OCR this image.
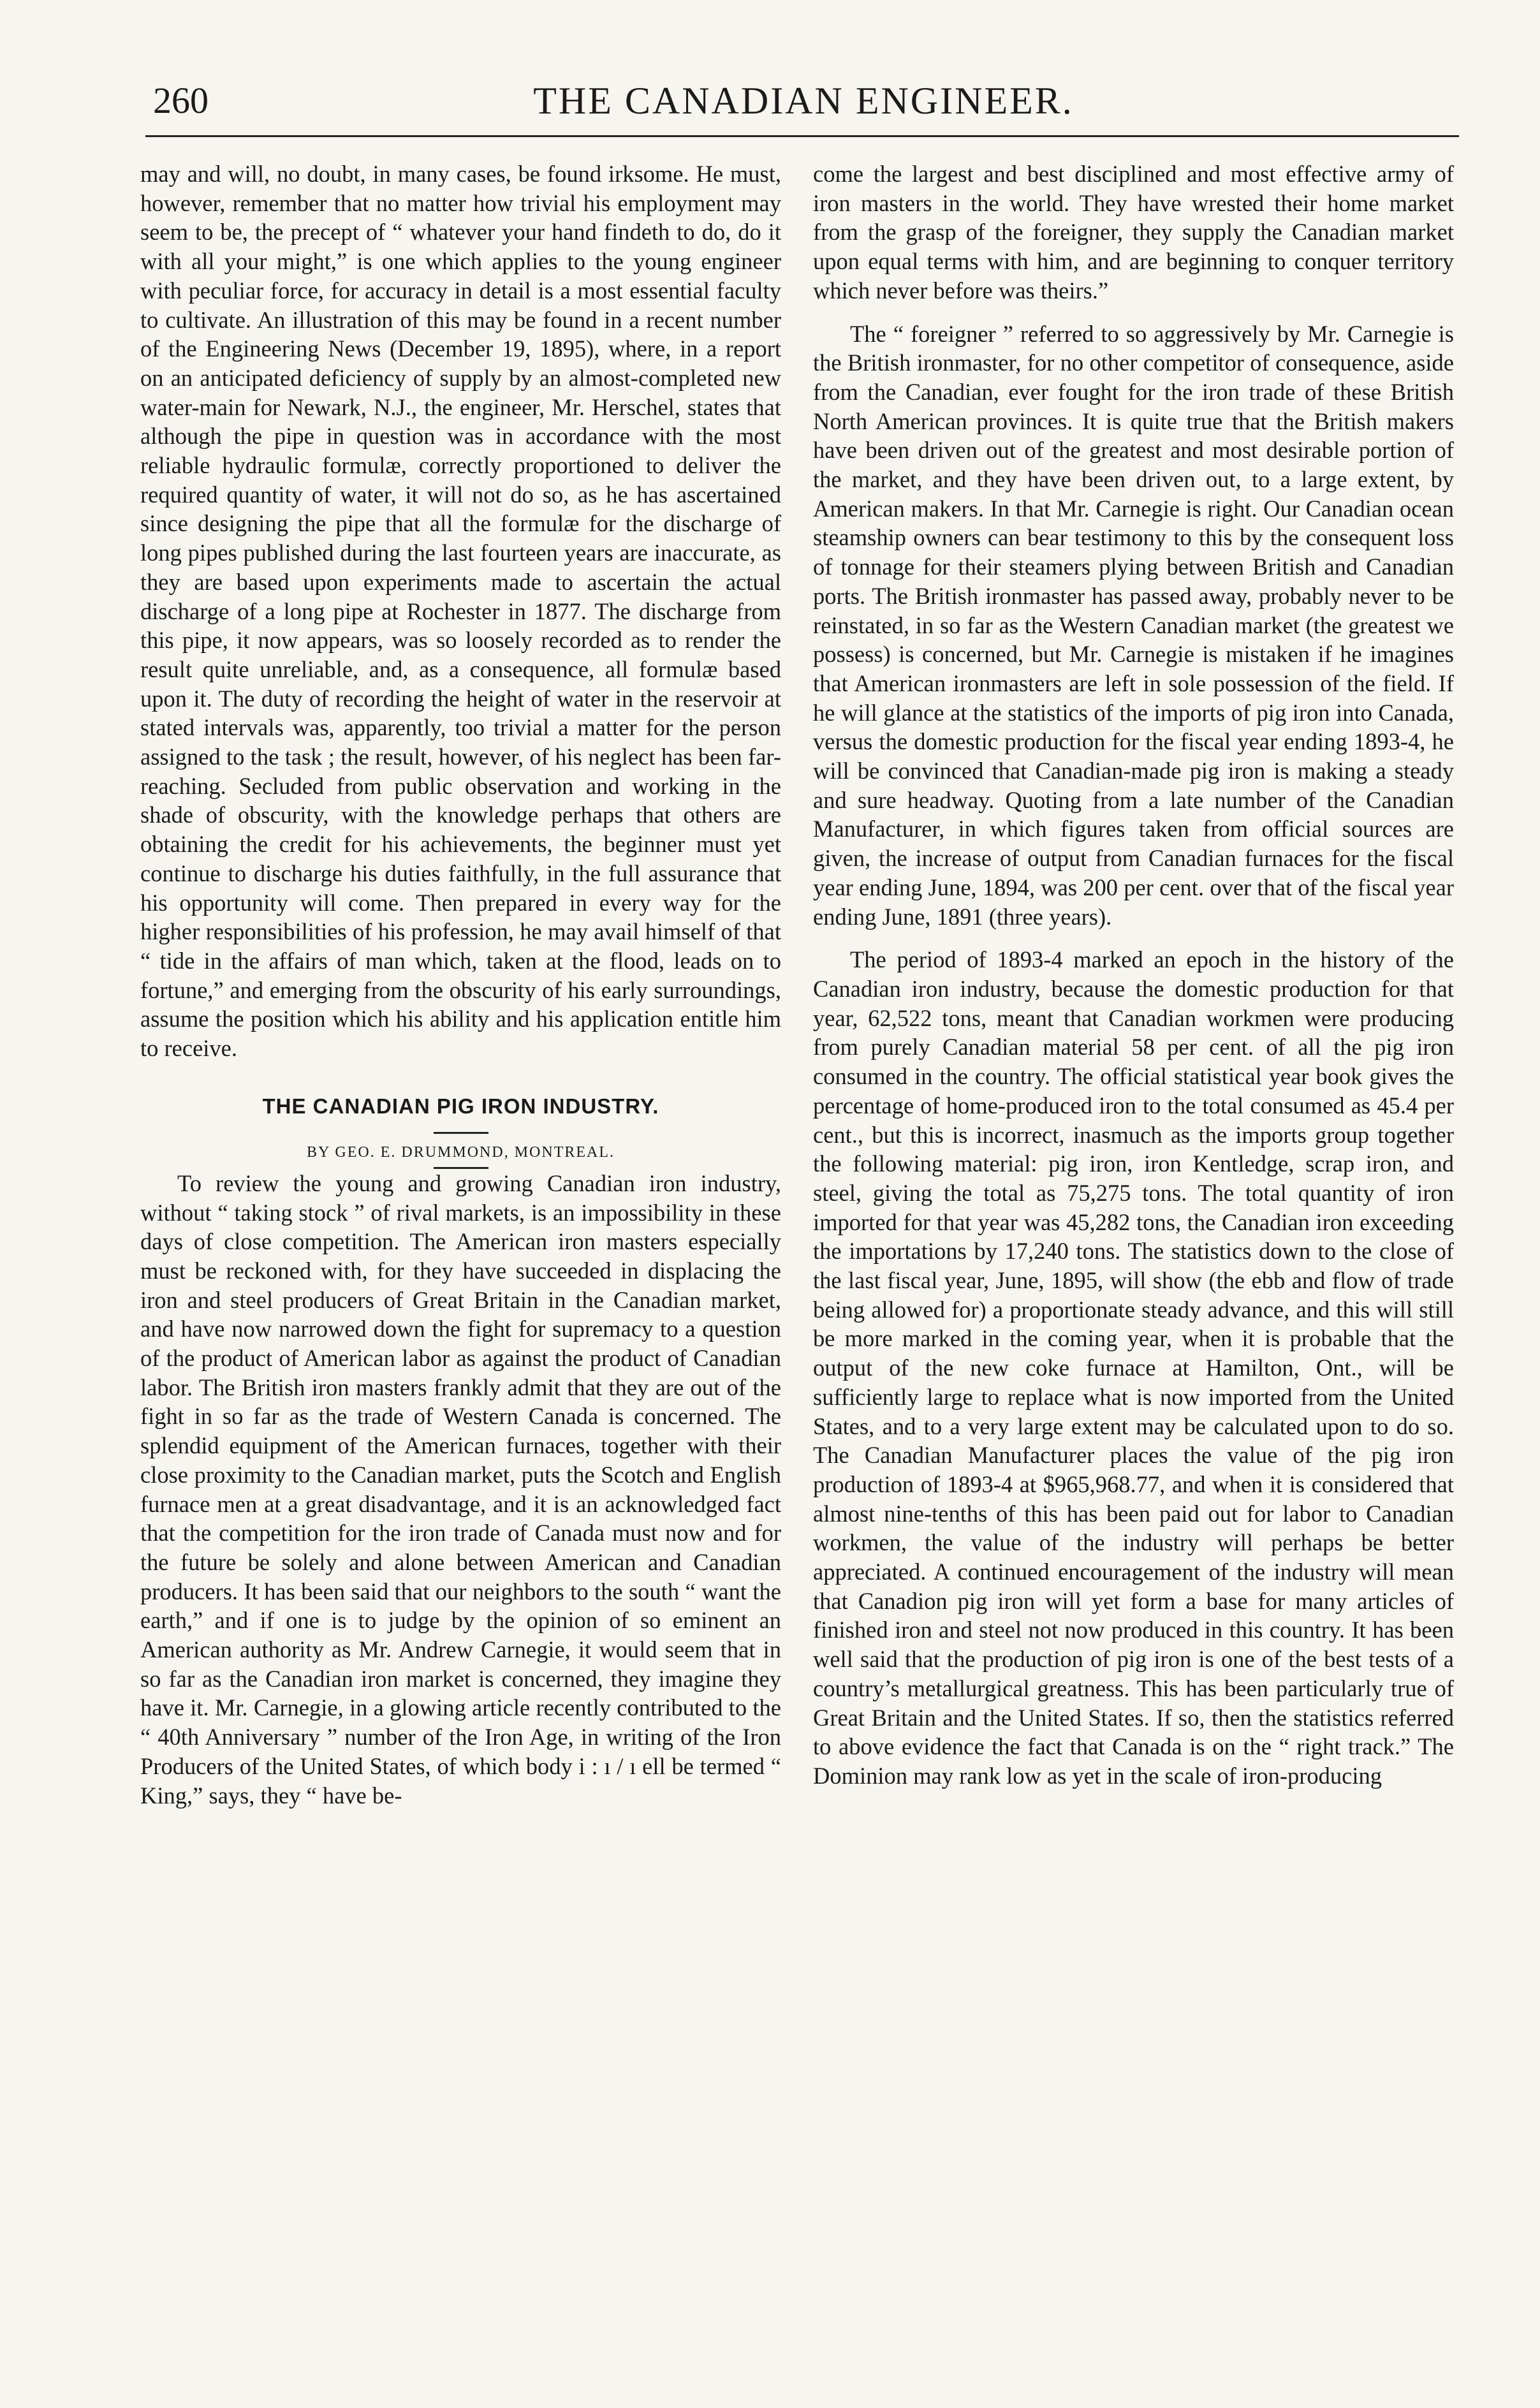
260	THE CANADIAN ENGINEER.

may and will, no doubt, in many cases, be found irksome. He must, however, remember that no matter how trivial his employment may seem to be, the precept of “ whatever your hand findeth to do, do it with all your might,” is one which applies to the young engineer with peculiar force, for accuracy in detail is a most essential faculty to cultivate. An illustration of this may be found in a recent number of the Engineering News (December 19, 1895), where, in a report on an anticipated deficiency of supply by an almost-completed new water-main for Newark, N.J., the engineer, Mr. Herschel, states that although the pipe in question was in accordance with the most reliable hydraulic formulæ, correctly proportioned to deliver the required quantity of water, it will not do so, as he has ascertained since designing the pipe that all the formulæ for the discharge of long pipes published during the last fourteen years are inaccurate, as they are based upon experiments made to ascertain the actual discharge of a long pipe at Rochester in 1877. The discharge from this pipe, it now appears, was so loosely recorded as to render the result quite unreliable, and, as a consequence, all formulæ based upon it. The duty of recording the height of water in the reservoir at stated intervals was, apparently, too trivial a matter for the person assigned to the task ; the result, however, of his neglect has been far-reaching. Secluded from public observation and working in the shade of obscurity, with the knowledge perhaps that others are obtaining the credit for his achievements, the beginner must yet continue to discharge his duties faithfully, in the full assurance that his opportunity will come. Then prepared in every way for the higher responsibilities of his profession, he may avail himself of that “ tide in the affairs of man which, taken at the flood, leads on to fortune,” and emerging from the obscurity of his early surroundings, assume the position which his ability and his application entitle him to receive.

THE CANADIAN PIG IRON INDUSTRY.
BY GEO. E. DRUMMOND, MONTREAL.

To review the young and growing Canadian iron industry, without “ taking stock ” of rival markets, is an impossibility in these days of close competition. The American iron masters especially must be reckoned with, for they have succeeded in displacing the iron and steel producers of Great Britain in the Canadian market, and have now narrowed down the fight for supremacy to a question of the product of American labor as against the product of Canadian labor. The British iron masters frankly admit that they are out of the fight in so far as the trade of Western Canada is concerned. The splendid equipment of the American furnaces, together with their close proximity to the Canadian market, puts the Scotch and English furnace men at a great disadvantage, and it is an acknowledged fact that the competition for the iron trade of Canada must now and for the future be solely and alone between American and Canadian producers. It has been said that our neighbors to the south “ want the earth,” and if one is to judge by the opinion of so eminent an American authority as Mr. Andrew Carnegie, it would seem that in so far as the Canadian iron market is concerned, they imagine they have it. Mr. Carnegie, in a glowing article recently contributed to the “ 40th Anniversary ” number of the Iron Age, in writing of the Iron Producers of the United States, of which body i : ı / ı ell be termed “ King,” says, they “ have be-

come the largest and best disciplined and most effective army of iron masters in the world. They have wrested their home market from the grasp of the foreigner, they supply the Canadian market upon equal terms with him, and are beginning to conquer territory which never before was theirs.”

The “ foreigner ” referred to so aggressively by Mr. Carnegie is the British ironmaster, for no other competitor of consequence, aside from the Canadian, ever fought for the iron trade of these British North American provinces. It is quite true that the British makers have been driven out of the greatest and most desirable portion of the market, and they have been driven out, to a large extent, by American makers. In that Mr. Carnegie is right. Our Canadian ocean steamship owners can bear testimony to this by the consequent loss of tonnage for their steamers plying between British and Canadian ports. The British ironmaster has passed away, probably never to be reinstated, in so far as the Western Canadian market (the greatest we possess) is concerned, but Mr. Carnegie is mistaken if he imagines that American ironmasters are left in sole possession of the field. If he will glance at the statistics of the imports of pig iron into Canada, versus the domestic production for the fiscal year ending 1893-4, he will be convinced that Canadian-made pig iron is making a steady and sure headway. Quoting from a late number of the Canadian Manufacturer, in which figures taken from official sources are given, the increase of output from Canadian furnaces for the fiscal year ending June, 1894, was 200 per cent. over that of the fiscal year ending June, 1891 (three years).

The period of 1893-4 marked an epoch in the history of the Canadian iron industry, because the domestic production for that year, 62,522 tons, meant that Canadian workmen were producing from purely Canadian material 58 per cent. of all the pig iron consumed in the country. The official statistical year book gives the percentage of home-produced iron to the total consumed as 45.4 per cent., but this is incorrect, inasmuch as the imports group together the following material: pig iron, iron Kentledge, scrap iron, and steel, giving the total as 75,275 tons. The total quantity of iron imported for that year was 45,282 tons, the Canadian iron exceeding the importations by 17,240 tons. The statistics down to the close of the last fiscal year, June, 1895, will show (the ebb and flow of trade being allowed for) a proportionate steady advance, and this will still be more marked in the coming year, when it is probable that the output of the new coke furnace at Hamilton, Ont., will be sufficiently large to replace what is now imported from the United States, and to a very large extent may be calculated upon to do so. The Canadian Manufacturer places the value of the pig iron production of 1893-4 at $965,968.77, and when it is considered that almost nine-tenths of this has been paid out for labor to Canadian workmen, the value of the industry will perhaps be better appreciated. A continued encouragement of the industry will mean that Canadion pig iron will yet form a base for many articles of finished iron and steel not now produced in this country. It has been well said that the production of pig iron is one of the best tests of a country’s metallurgical greatness. This has been particularly true of Great Britain and the United States. If so, then the statistics referred to above evidence the fact that Canada is on the “ right track.” The Dominion may rank low as yet in the scale of iron-producing
